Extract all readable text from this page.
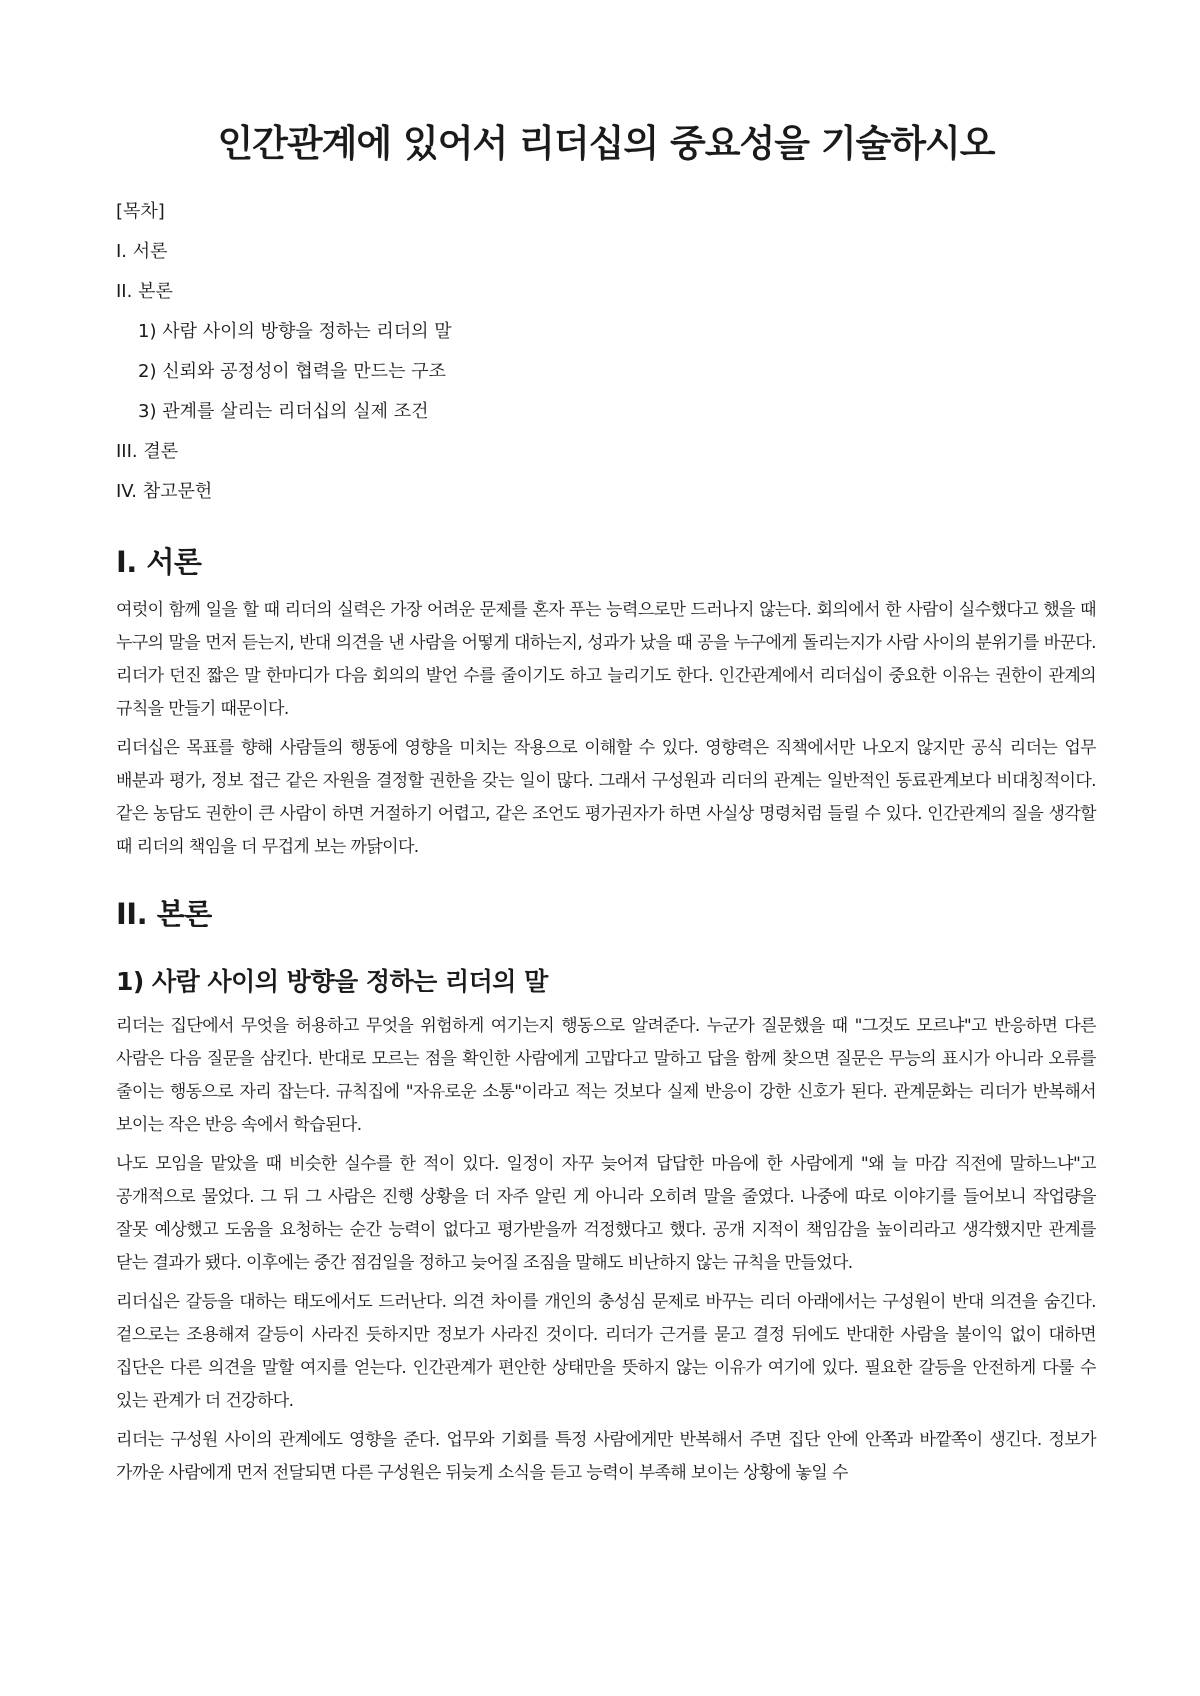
인간관계에 있어서 리더십의 중요성을 기술하시오
[목차]
I. 서론
II. 본론
1) 사람 사이의 방향을 정하는 리더의 말
2) 신뢰와 공정성이 협력을 만드는 구조
3) 관계를 살리는 리더십의 실제 조건
III. 결론
IV. 참고문헌
I. 서론

여럿이 함께 일을 할 때 리더의 실력은 가장 어려운 문제를 혼자 푸는 능력으로만 드러나지 않는다. 회의에서 한 사람이 실수했다고 했을 때 누구의 말을 먼저 듣는지, 반대 의견을 낸 사람을 어떻게 대하는지, 성과가 났을 때 공을 누구에게 돌리는지가 사람 사이의 분위기를 바꾼다. 리더가 던진 짧은 말 한마디가 다음 회의의 발언 수를 줄이기도 하고 늘리기도 한다. 인간관계에서 리더십이 중요한 이유는 권한이 관계의 규칙을 만들기 때문이다.

리더십은 목표를 향해 사람들의 행동에 영향을 미치는 작용으로 이해할 수 있다. 영향력은 직책에서만 나오지 않지만 공식 리더는 업무 배분과 평가, 정보 접근 같은 자원을 결정할 권한을 갖는 일이 많다. 그래서 구성원과 리더의 관계는 일반적인 동료관계보다 비대칭적이다. 같은 농담도 권한이 큰 사람이 하면 거절하기 어렵고, 같은 조언도 평가권자가 하면 사실상 명령처럼 들릴 수 있다. 인간관계의 질을 생각할 때 리더의 책임을 더 무겁게 보는 까닭이다.

II. 본론
1) 사람 사이의 방향을 정하는 리더의 말

리더는 집단에서 무엇을 허용하고 무엇을 위험하게 여기는지 행동으로 알려준다. 누군가 질문했을 때 "그것도 모르냐"고 반응하면 다른 사람은 다음 질문을 삼킨다. 반대로 모르는 점을 확인한 사람에게 고맙다고 말하고 답을 함께 찾으면 질문은 무능의 표시가 아니라 오류를 줄이는 행동으로 자리 잡는다. 규칙집에 "자유로운 소통"이라고 적는 것보다 실제 반응이 강한 신호가 된다. 관계문화는 리더가 반복해서 보이는 작은 반응 속에서 학습된다.

나도 모임을 맡았을 때 비슷한 실수를 한 적이 있다. 일정이 자꾸 늦어져 답답한 마음에 한 사람에게 "왜 늘 마감 직전에 말하느냐"고 공개적으로 물었다. 그 뒤 그 사람은 진행 상황을 더 자주 알린 게 아니라 오히려 말을 줄였다. 나중에 따로 이야기를 들어보니 작업량을 잘못 예상했고 도움을 요청하는 순간 능력이 없다고 평가받을까 걱정했다고 했다. 공개 지적이 책임감을 높이리라고 생각했지만 관계를 닫는 결과가 됐다. 이후에는 중간 점검일을 정하고 늦어질 조짐을 말해도 비난하지 않는 규칙을 만들었다.

리더십은 갈등을 대하는 태도에서도 드러난다. 의견 차이를 개인의 충성심 문제로 바꾸는 리더 아래에서는 구성원이 반대 의견을 숨긴다. 겉으로는 조용해져 갈등이 사라진 듯하지만 정보가 사라진 것이다. 리더가 근거를 묻고 결정 뒤에도 반대한 사람을 불이익 없이 대하면 집단은 다른 의견을 말할 여지를 얻는다. 인간관계가 편안한 상태만을 뜻하지 않는 이유가 여기에 있다. 필요한 갈등을 안전하게 다룰 수 있는 관계가 더 건강하다.

리더는 구성원 사이의 관계에도 영향을 준다. 업무와 기회를 특정 사람에게만 반복해서 주면 집단 안에 안쪽과 바깥쪽이 생긴다. 정보가 가까운 사람에게 먼저 전달되면 다른 구성원은 뒤늦게 소식을 듣고 능력이 부족해 보이는 상황에 놓일 수
